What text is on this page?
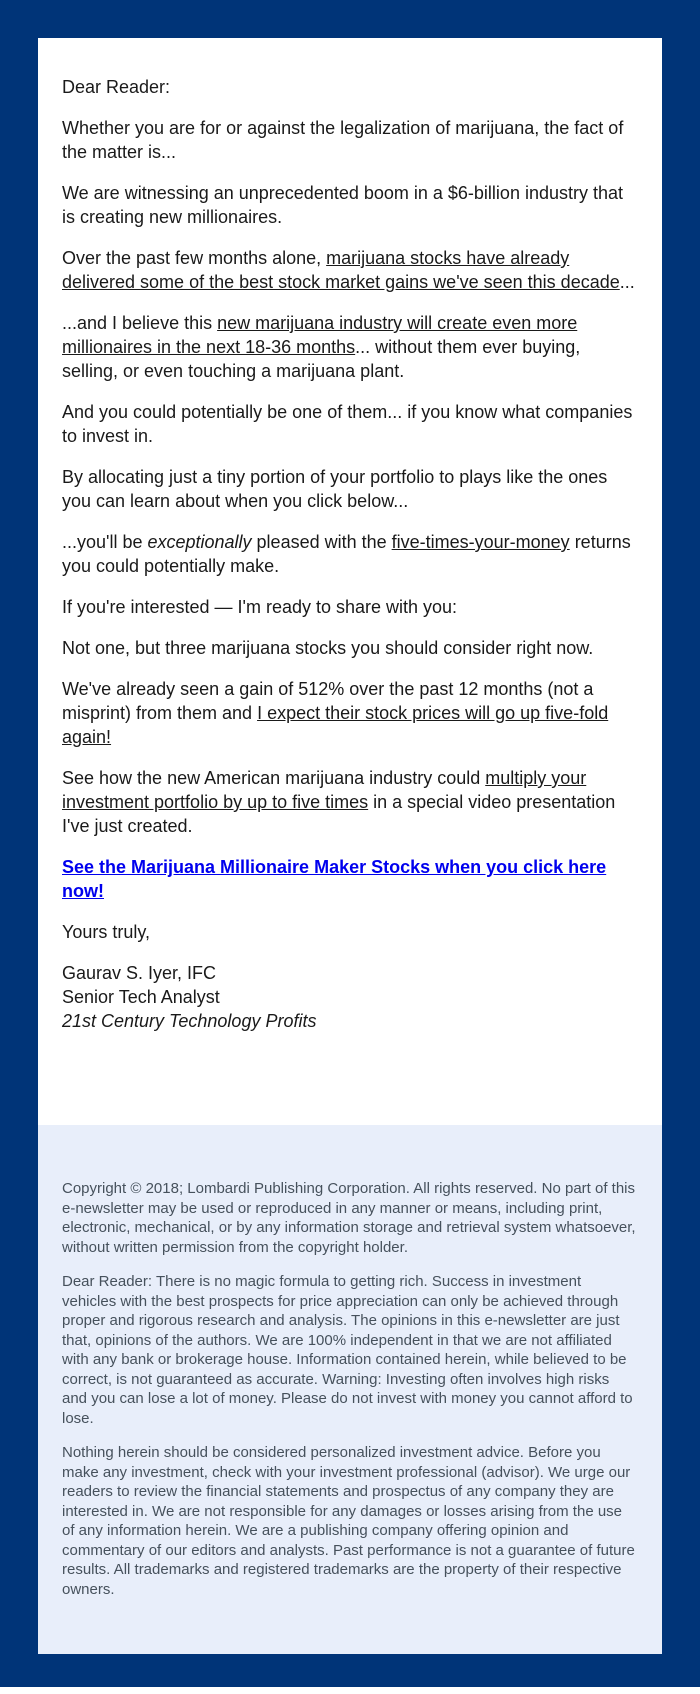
Dear Reader:

Whether you are for or against the legalization of marijuana, the fact of the matter is...

We are witnessing an unprecedented boom in a $6-billion industry that is creating new millionaires.

Over the past few months alone, marijuana stocks have already delivered some of the best stock market gains we've seen this decade...

...and I believe this new marijuana industry will create even more millionaires in the next 18-36 months... without them ever buying, selling, or even touching a marijuana plant.

And you could potentially be one of them... if you know what companies to invest in.

By allocating just a tiny portion of your portfolio to plays like the ones you can learn about when you click below...

...you'll be exceptionally pleased with the five-times-your-money returns you could potentially make.

If you're interested — I'm ready to share with you:

Not one, but three marijuana stocks you should consider right now.

We've already seen a gain of 512% over the past 12 months (not a misprint) from them and I expect their stock prices will go up five-fold again!

See how the new American marijuana industry could multiply your investment portfolio by up to five times in a special video presentation I've just created.

See the Marijuana Millionaire Maker Stocks when you click here now!

Yours truly,

Gaurav S. Iyer, IFC
Senior Tech Analyst
21st Century Technology Profits

Copyright © 2018; Lombardi Publishing Corporation. All rights reserved. No part of this e-newsletter may be used or reproduced in any manner or means, including print, electronic, mechanical, or by any information storage and retrieval system whatsoever, without written permission from the copyright holder.

Dear Reader: There is no magic formula to getting rich. Success in investment vehicles with the best prospects for price appreciation can only be achieved through proper and rigorous research and analysis. The opinions in this e-newsletter are just that, opinions of the authors. We are 100% independent in that we are not affiliated with any bank or brokerage house. Information contained herein, while believed to be correct, is not guaranteed as accurate. Warning: Investing often involves high risks and you can lose a lot of money. Please do not invest with money you cannot afford to lose.

Nothing herein should be considered personalized investment advice. Before you make any investment, check with your investment professional (advisor). We urge our readers to review the financial statements and prospectus of any company they are interested in. We are not responsible for any damages or losses arising from the use of any information herein. We are a publishing company offering opinion and commentary of our editors and analysts. Past performance is not a guarantee of future results. All trademarks and registered trademarks are the property of their respective owners.
